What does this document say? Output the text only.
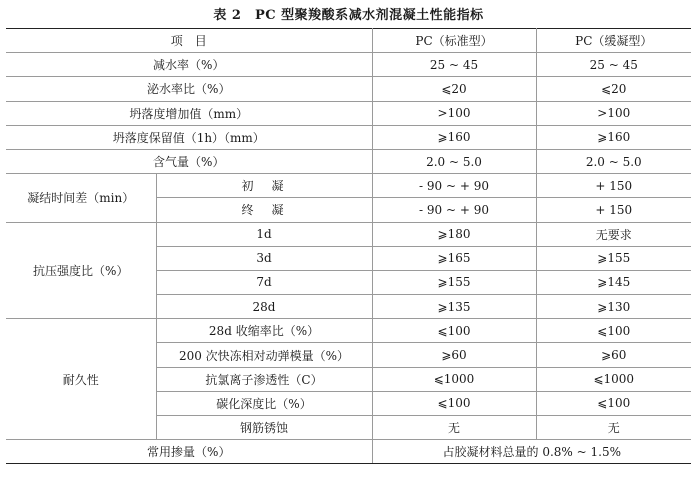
表 2　PC 型聚羧酸系减水剂混凝土性能指标
项　目		PC（标准型）	PC（缓凝型）
减水率（%）		25 ~ 45	25 ~ 45
泌水率比（%）		⩽20	⩽20
坍落度增加值（mm）		>100	>100
坍落度保留值（1h）（mm）		⩾160	⩾160
含气量（%）		2.0 ~ 5.0	2.0 ~ 5.0
凝结时间差（min）	初　凝	- 90 ~ + 90	+ 150
	终　凝	- 90 ~ + 90	+ 150
抗压强度比（%）	1d	⩾180	无要求
	3d	⩾165	⩾155
	7d	⩾155	⩾145
	28d	⩾135	⩾130
耐久性	28d 收缩率比（%）	⩽100	⩽100
	200 次快冻相对动弹模量（%）	⩾60	⩾60
	抗氯离子渗透性（C）	⩽1000	⩽1000
	碳化深度比（%）	⩽100	⩽100
	钢筋锈蚀	无	无
常用掺量（%）		占胶凝材料总量的 0.8% ~ 1.5%	
